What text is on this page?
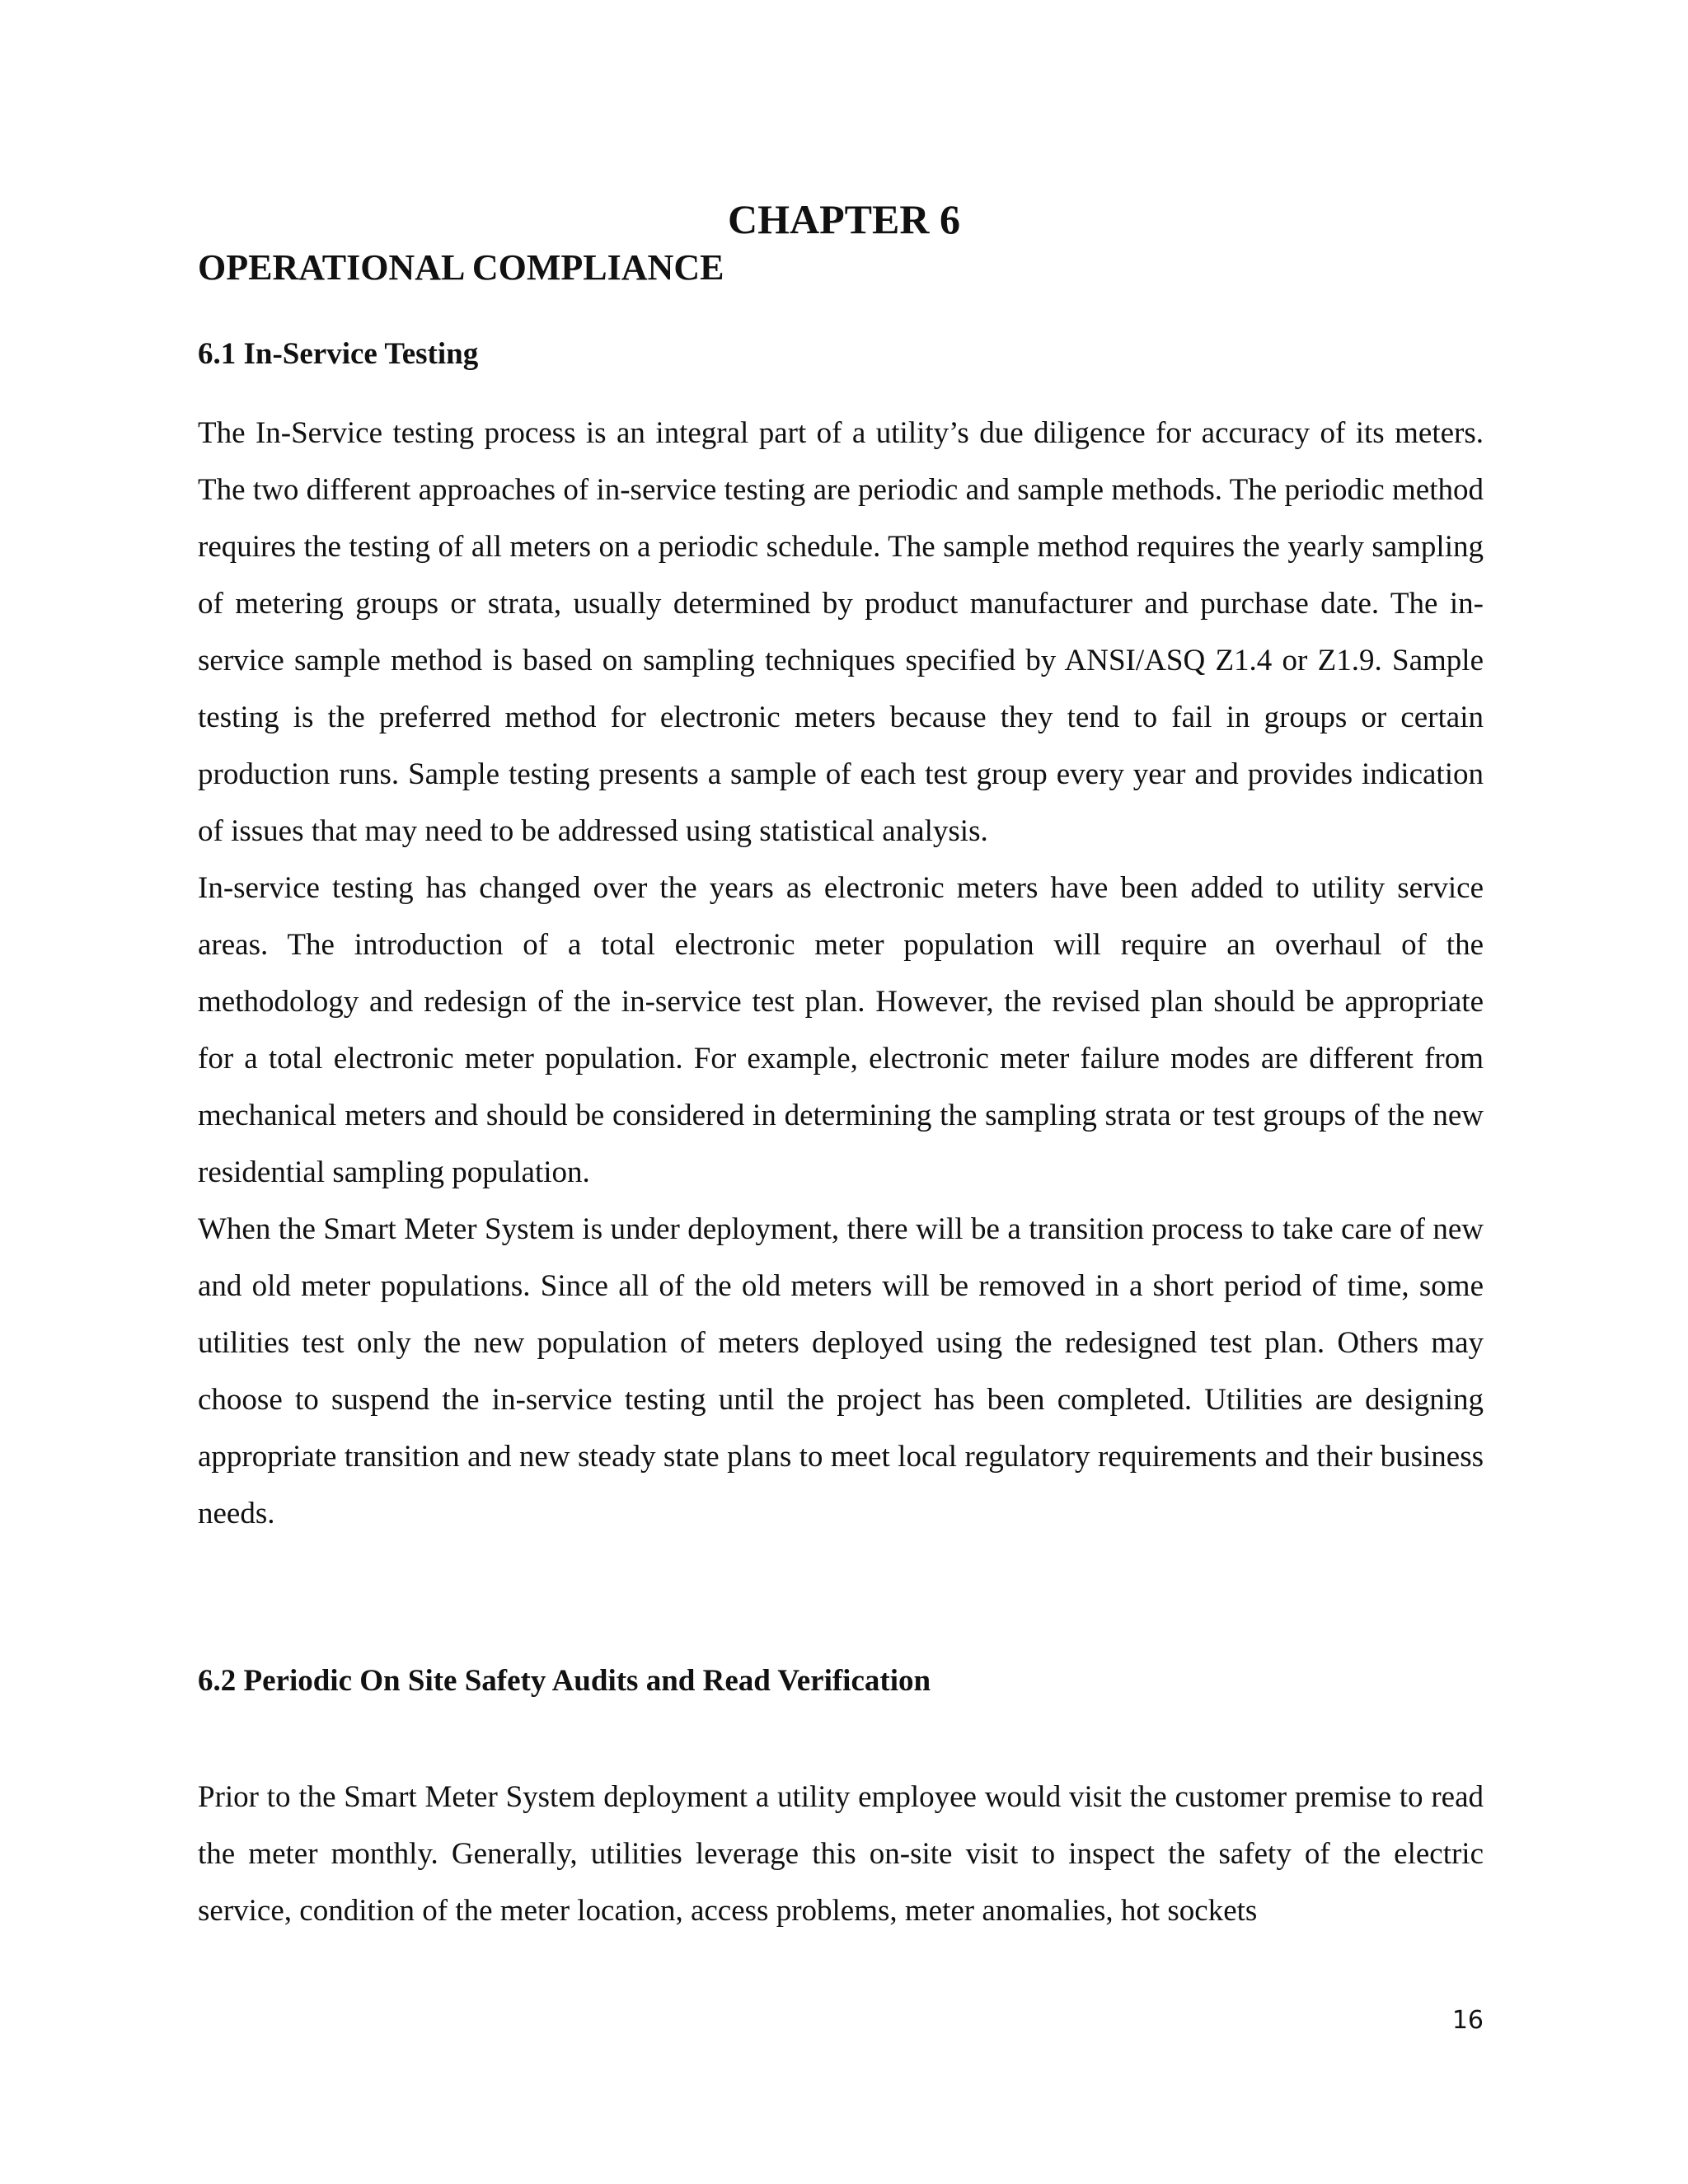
CHAPTER 6
OPERATIONAL COMPLIANCE
6.1 In-Service Testing

The In-Service testing process is an integral part of a utility’s due diligence for accuracy of its meters. The two different approaches of in-service testing are periodic and sample methods. The periodic method requires the testing of all meters on a periodic schedule. The sample method requires the yearly sampling of metering groups or strata, usually determined by product manufacturer and purchase date. The in-service sample method is based on sampling techniques specified by ANSI/ASQ Z1.4 or Z1.9. Sample testing is the preferred method for electronic meters because they tend to fail in groups or certain production runs. Sample testing presents a sample of each test group every year and provides indication of issues that may need to be addressed using statistical analysis.

In-service testing has changed over the years as electronic meters have been added to utility service areas. The introduction of a total electronic meter population will require an overhaul of the methodology and redesign of the in-service test plan. However, the revised plan should be appropriate for a total electronic meter population. For example, electronic meter failure modes are different from mechanical meters and should be considered in determining the sampling strata or test groups of the new residential sampling population.

When the Smart Meter System is under deployment, there will be a transition process to take care of new and old meter populations. Since all of the old meters will be removed in a short period of time, some utilities test only the new population of meters deployed using the redesigned test plan. Others may choose to suspend the in-service testing until the project has been completed. Utilities are designing appropriate transition and new steady state plans to meet local regulatory requirements and their business needs.

6.2 Periodic On Site Safety Audits and Read Verification

Prior to the Smart Meter System deployment a utility employee would visit the customer premise to read the meter monthly. Generally, utilities leverage this on-site visit to inspect the safety of the electric service, condition of the meter location, access problems, meter anomalies, hot sockets

16
